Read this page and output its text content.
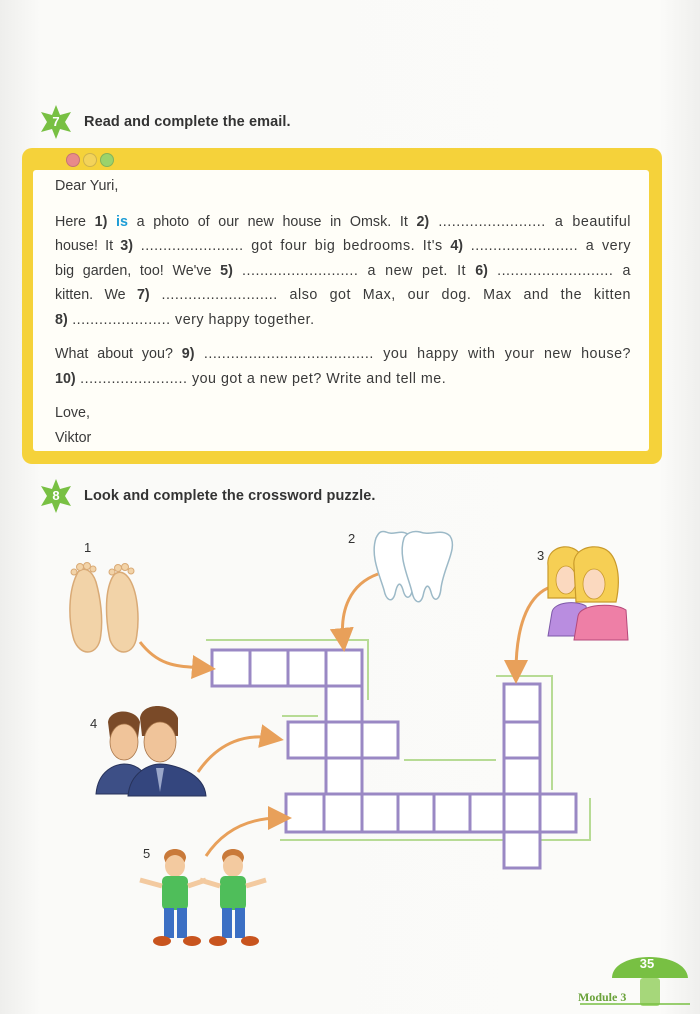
7	Read and complete the email.

Dear Yuri,

Here 1) is a photo of our new house in Omsk. It 2) ........................ a beautiful

house! It 3) ....................... got four big bedrooms. It's 4) ........................ a very

big garden, too! We've 5) .......................... a new pet. It 6) .......................... a

kitten. We 7) .......................... also got Max, our dog. Max and the kitten

8) ...................... very happy together.

What about you? 9) ...................................... you happy with your new house?

10) ........................ you got a new pet? Write and tell me.

Love,

Viktor

8	Look and complete the crossword puzzle.
1
2
3
4
5
35
Module 3
